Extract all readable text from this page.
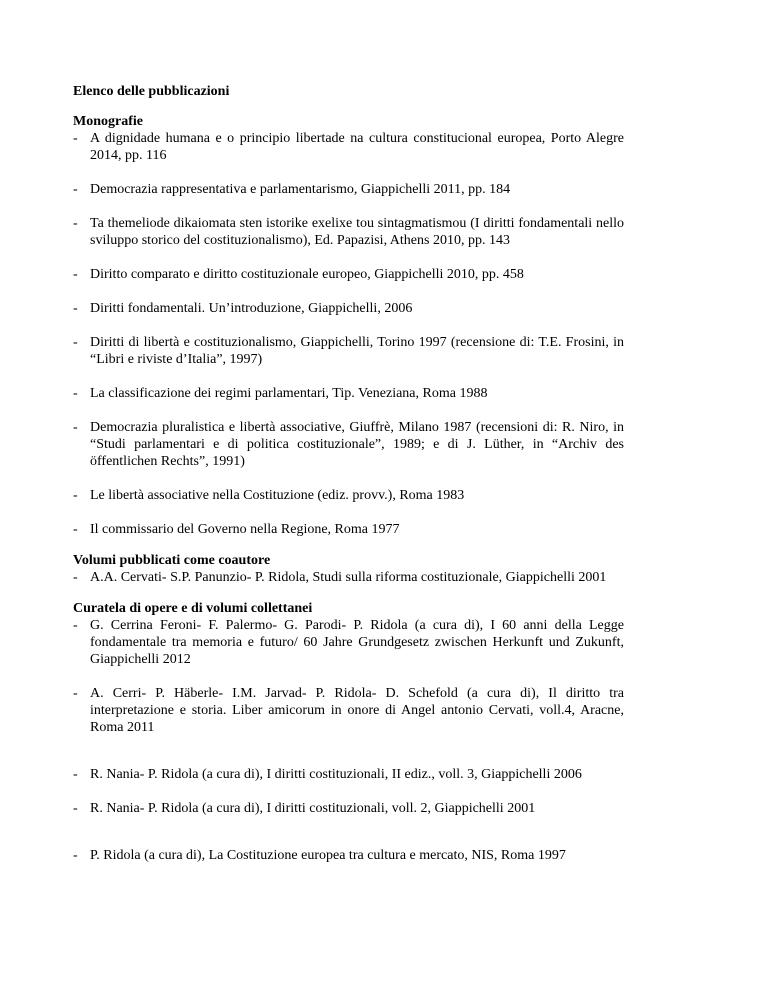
Elenco delle pubblicazioni
Monografie
- A dignidade humana e o principio libertade na cultura constitucional europea, Porto Alegre 2014, pp. 116
- Democrazia rappresentativa e parlamentarismo, Giappichelli 2011, pp. 184
- Ta themeliode dikaiomata sten istorike exelixe tou sintagmatismou (I diritti fondamentali nello sviluppo storico del costituzionalismo), Ed. Papazisi, Athens 2010, pp. 143
- Diritto comparato e diritto costituzionale europeo, Giappichelli 2010, pp. 458
- Diritti fondamentali. Un’introduzione, Giappichelli, 2006
- Diritti di libertà e costituzionalismo, Giappichelli, Torino 1997 (recensione di: T.E. Frosini, in “Libri e riviste d’Italia”, 1997)
- La classificazione dei regimi parlamentari, Tip. Veneziana, Roma 1988
- Democrazia pluralistica e libertà associative, Giuffrè, Milano 1987 (recensioni di: R. Niro, in “Studi parlamentari e di politica costituzionale”, 1989; e di J. Lüther, in “Archiv des öffentlichen Rechts”, 1991)
- Le libertà associative nella Costituzione (ediz. provv.), Roma 1983
- Il commissario del Governo nella Regione, Roma 1977
Volumi pubblicati come coautore
- A.A. Cervati- S.P. Panunzio- P. Ridola, Studi sulla riforma costituzionale, Giappichelli 2001
Curatela di opere e di volumi collettanei
- G. Cerrina Feroni- F. Palermo- G. Parodi- P. Ridola (a cura di), I 60 anni della Legge fondamentale tra memoria e futuro/ 60 Jahre Grundgesetz zwischen Herkunft und Zukunft, Giappichelli 2012
- A. Cerri- P. Häberle- I.M. Jarvad- P. Ridola- D. Schefold (a cura di), Il diritto tra interpretazione e storia. Liber amicorum in onore di Angel antonio Cervati, voll.4, Aracne, Roma 2011
- R. Nania- P. Ridola (a cura di), I diritti costituzionali, II ediz., voll. 3, Giappichelli 2006
- R. Nania- P. Ridola (a cura di), I diritti costituzionali, voll. 2, Giappichelli 2001
- P. Ridola (a cura di), La Costituzione europea tra cultura e mercato, NIS, Roma 1997
